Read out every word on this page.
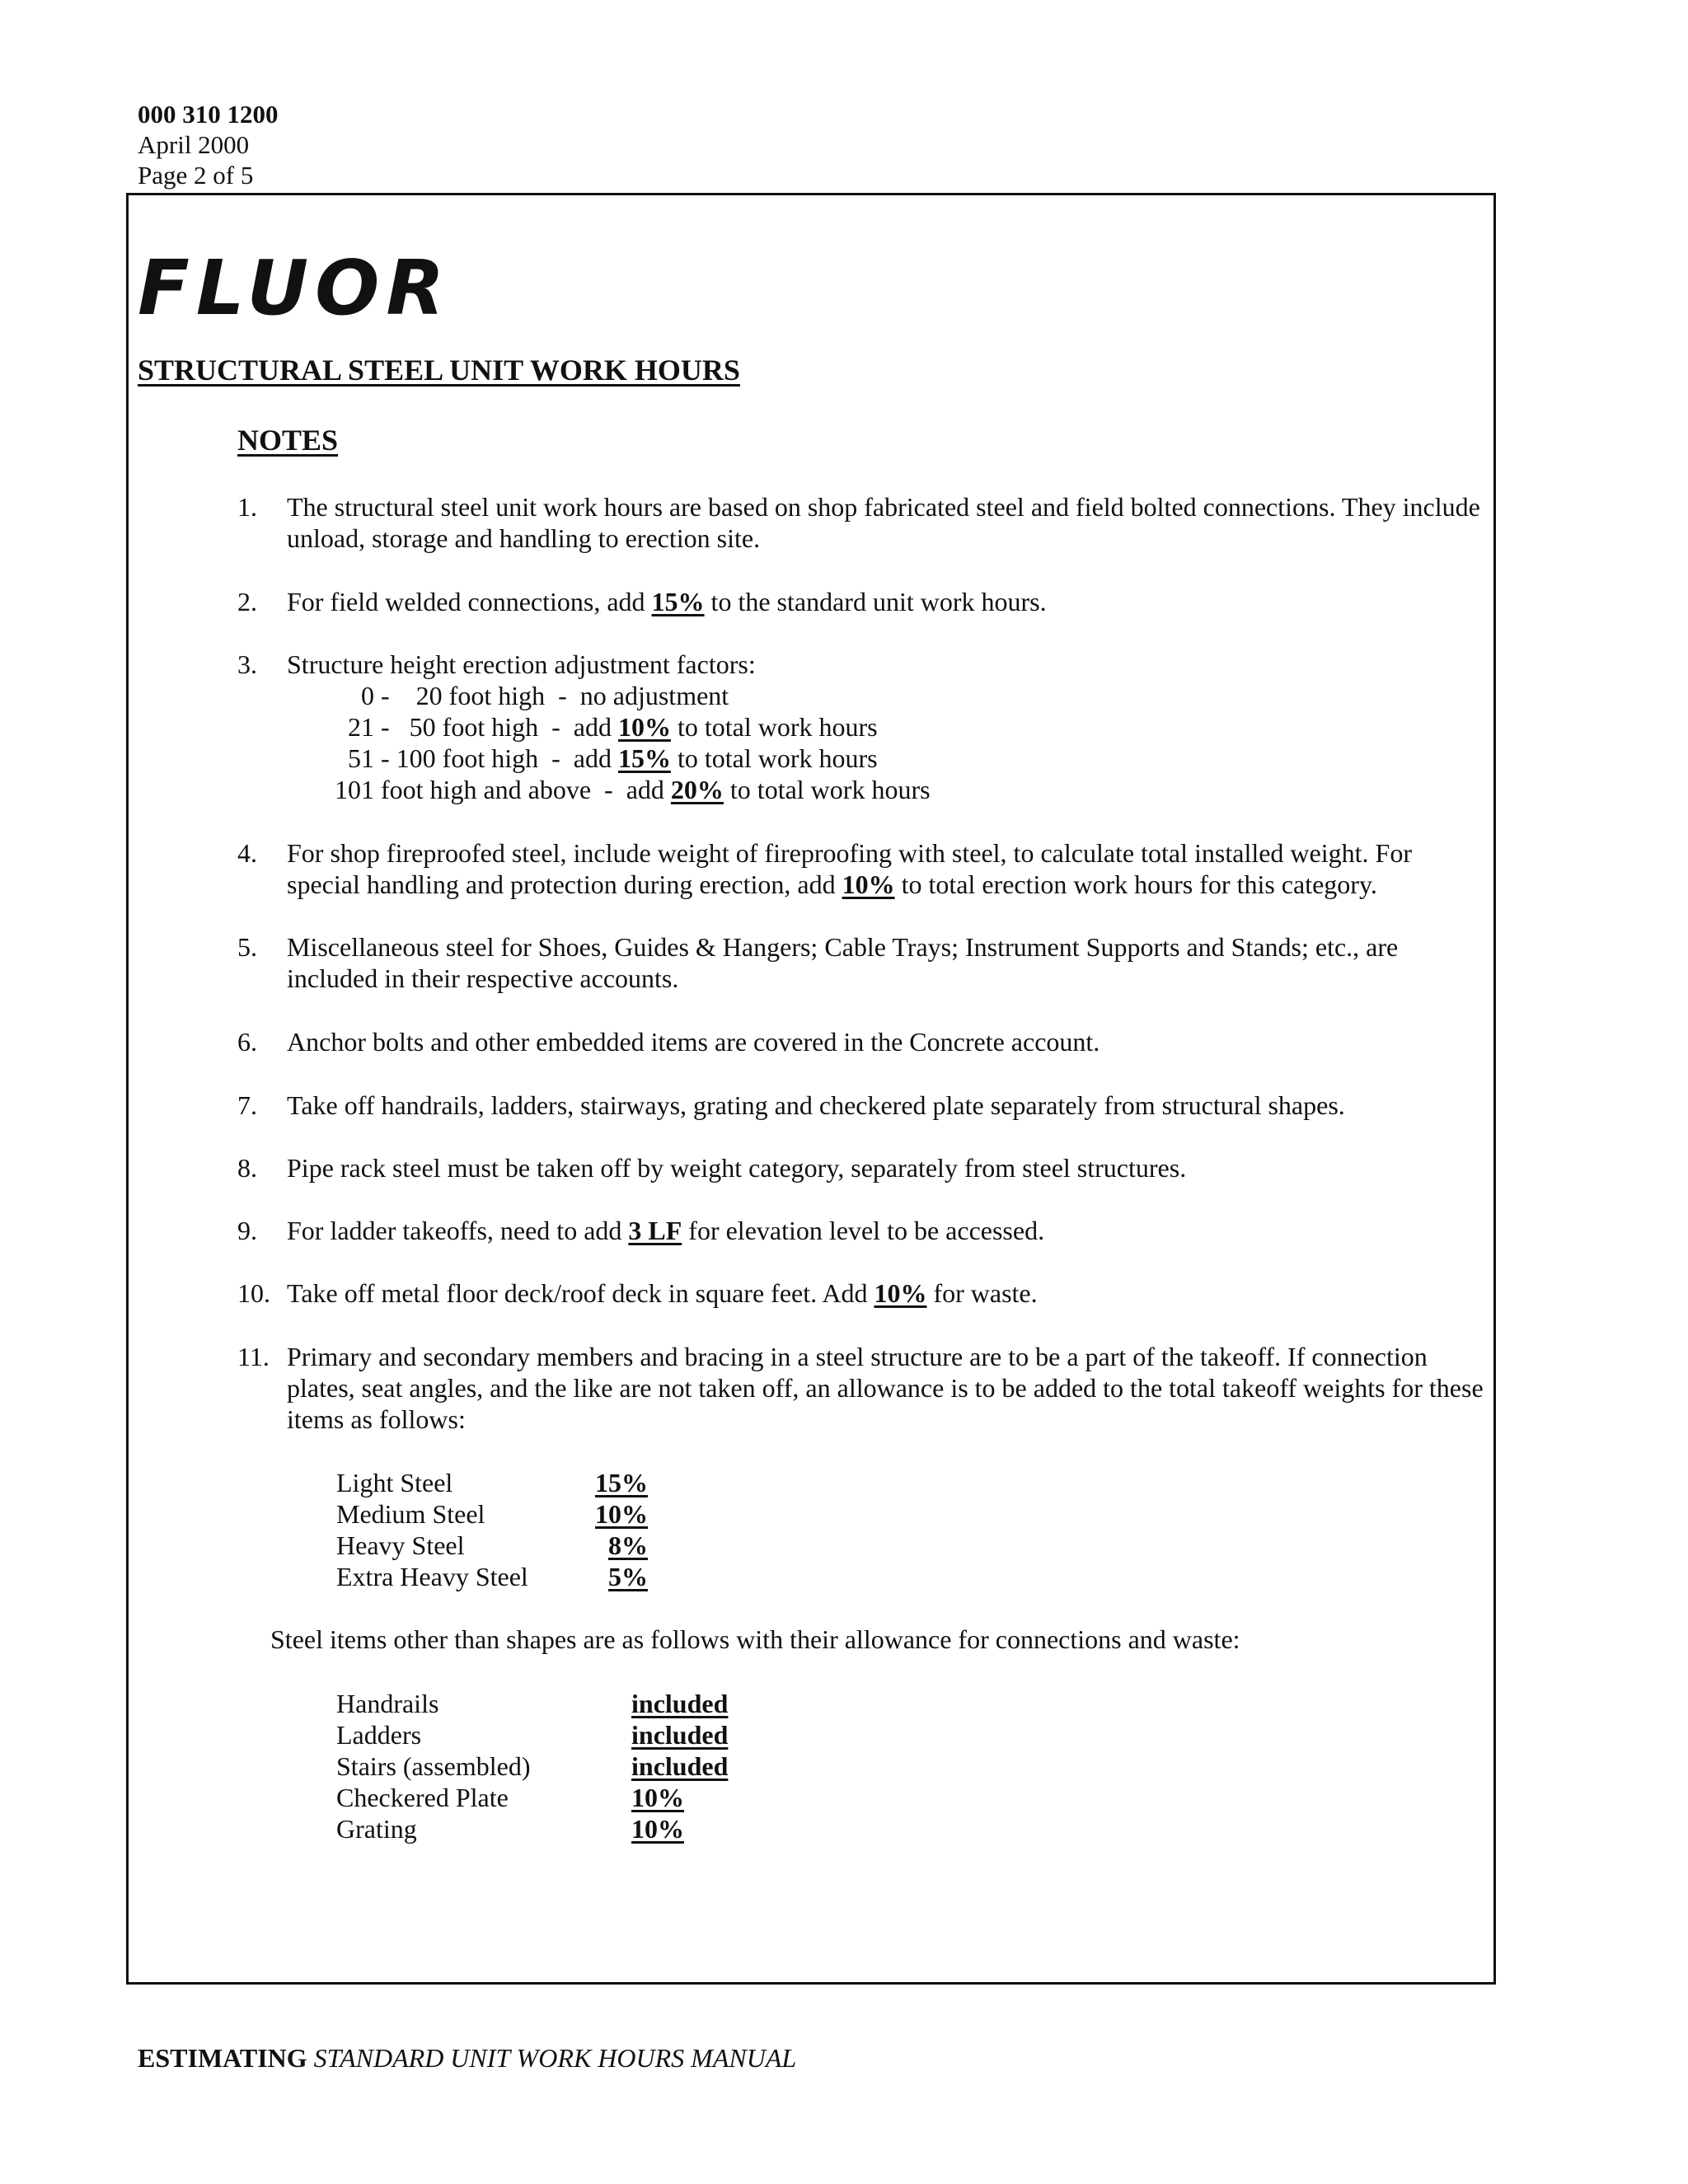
000 310 1200
April 2000
Page 2 of 5
FLUOR
STRUCTURAL STEEL UNIT WORK HOURS
NOTES
1.	The structural steel unit work hours are based on shop fabricated steel and field bolted connections. They include unload, storage and handling to erection site.
2.	For field welded connections, add 15% to the standard unit work hours.
3.	Structure height erection adjustment factors:
0 -    20 foot high  -  no adjustment
21 -   50 foot high  -  add 10% to total work hours
51 - 100 foot high  -  add 15% to total work hours
101 foot high and above  -  add 20% to total work hours
4.	For shop fireproofed steel, include weight of fireproofing with steel, to calculate total installed weight. For special handling and protection during erection, add 10% to total erection work hours for this category.
5.	Miscellaneous steel for Shoes, Guides & Hangers; Cable Trays; Instrument Supports and Stands; etc., are included in their respective accounts.
6.	Anchor bolts and other embedded items are covered in the Concrete account.
7.	Take off handrails, ladders, stairways, grating and checkered plate separately from structural shapes.
8.	Pipe rack steel must be taken off by weight category, separately from steel structures.
9.	For ladder takeoffs, need to add 3 LF for elevation level to be accessed.
10. Take off metal floor deck/roof deck in square feet. Add 10% for waste.
11. Primary and secondary members and bracing in a steel structure are to be a part of the takeoff. If connection plates, seat angles, and the like are not taken off, an allowance is to be added to the total takeoff weights for these items as follows:
Light Steel	15%
Medium Steel	10%
Heavy Steel	8%
Extra Heavy Steel	5%
Steel items other than shapes are as follows with their allowance for connections and waste:
Handrails	included
Ladders	included
Stairs (assembled)	included
Checkered Plate	10%
Grating	10%
ESTIMATING STANDARD UNIT WORK HOURS MANUAL
